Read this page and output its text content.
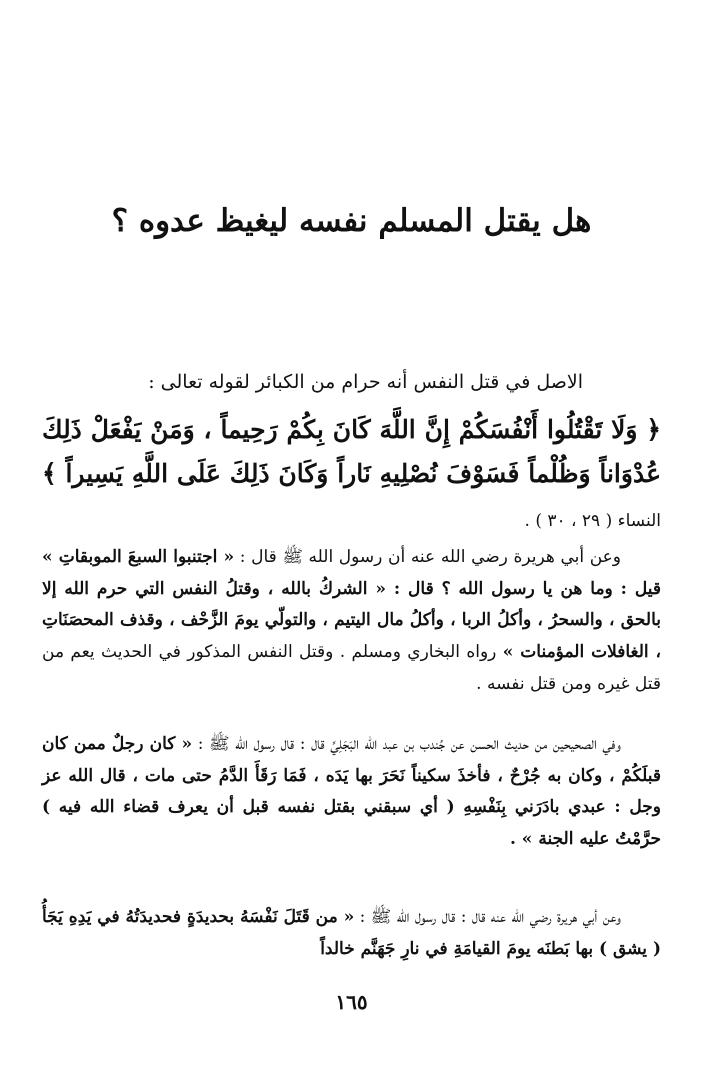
هل يقتل المسلم نفسه ليغيظ عدوه ؟
الاصل في قتل النفس أنه حرام من الكبائر لقوله تعالى :
﴿ وَلَا تَقْتُلُوا أَنْفُسَكُمْ إِنَّ اللَّهَ كَانَ بِكُمْ رَحِيماً ، وَمَنْ يَفْعَلْ ذَلِكَ عُدْوَاناً وَظُلْماً فَسَوْفَ نُصْلِيهِ نَاراً وَكَانَ ذَلِكَ عَلَى اللَّهِ يَسِيراً ﴾ النساء ( ٢٩ ، ٣٠ ) .

وعن أبي هريرة رضي الله عنه أن رسول الله ﷺ قال : « اجتنبوا السبعَ الموبقاتِ » قيل : وما هن يا رسول الله ؟ قال : « الشركُ بالله ، وقتلُ النفس التي حرم الله إلا بالحق ، والسحرُ ، وأكلُ الربا ، وأكلُ مال اليتيم ، والتولّي يومَ الزَّحْف ، وقذف المحصَنَاتِ ، الغافلات المؤمنات » رواه البخاري ومسلم . وقتل النفس المذكور في الحديث يعم من قتل غيره ومن قتل نفسه .

وفي الصحيحين من حديث الحسن عن جُندب بن عبد الله البَجَلِيِّ قال : قال رسول الله ﷺ : « كان رجلٌ ممن كان قبلَكُمْ ، وكان به جُرْحٌ ، فأخذَ سكيناً نَحَرَ بها يَدَه ، فَمَا رَقَأَ الدَّمُ حتى مات ، قال الله عز وجل : عبدي بادَرَني بِنَفْسِهِ ( أي سبقني بقتل نفسه قبل أن يعرف قضاء الله فيه ) حرَّمْتُ عليه الجنة » .

وعن أبي هريرة رضي الله عنه قال : قال رسول الله ﷺ : « من قَتَلَ نَفْسَهُ بحديدَةٍ فحديدَتُهُ في يَدِهِ يَجَأُ ( يشق ) بها بَطنَه يومَ القيامَةِ في نارِ جَهَنَّم خالداً

١٦٥
